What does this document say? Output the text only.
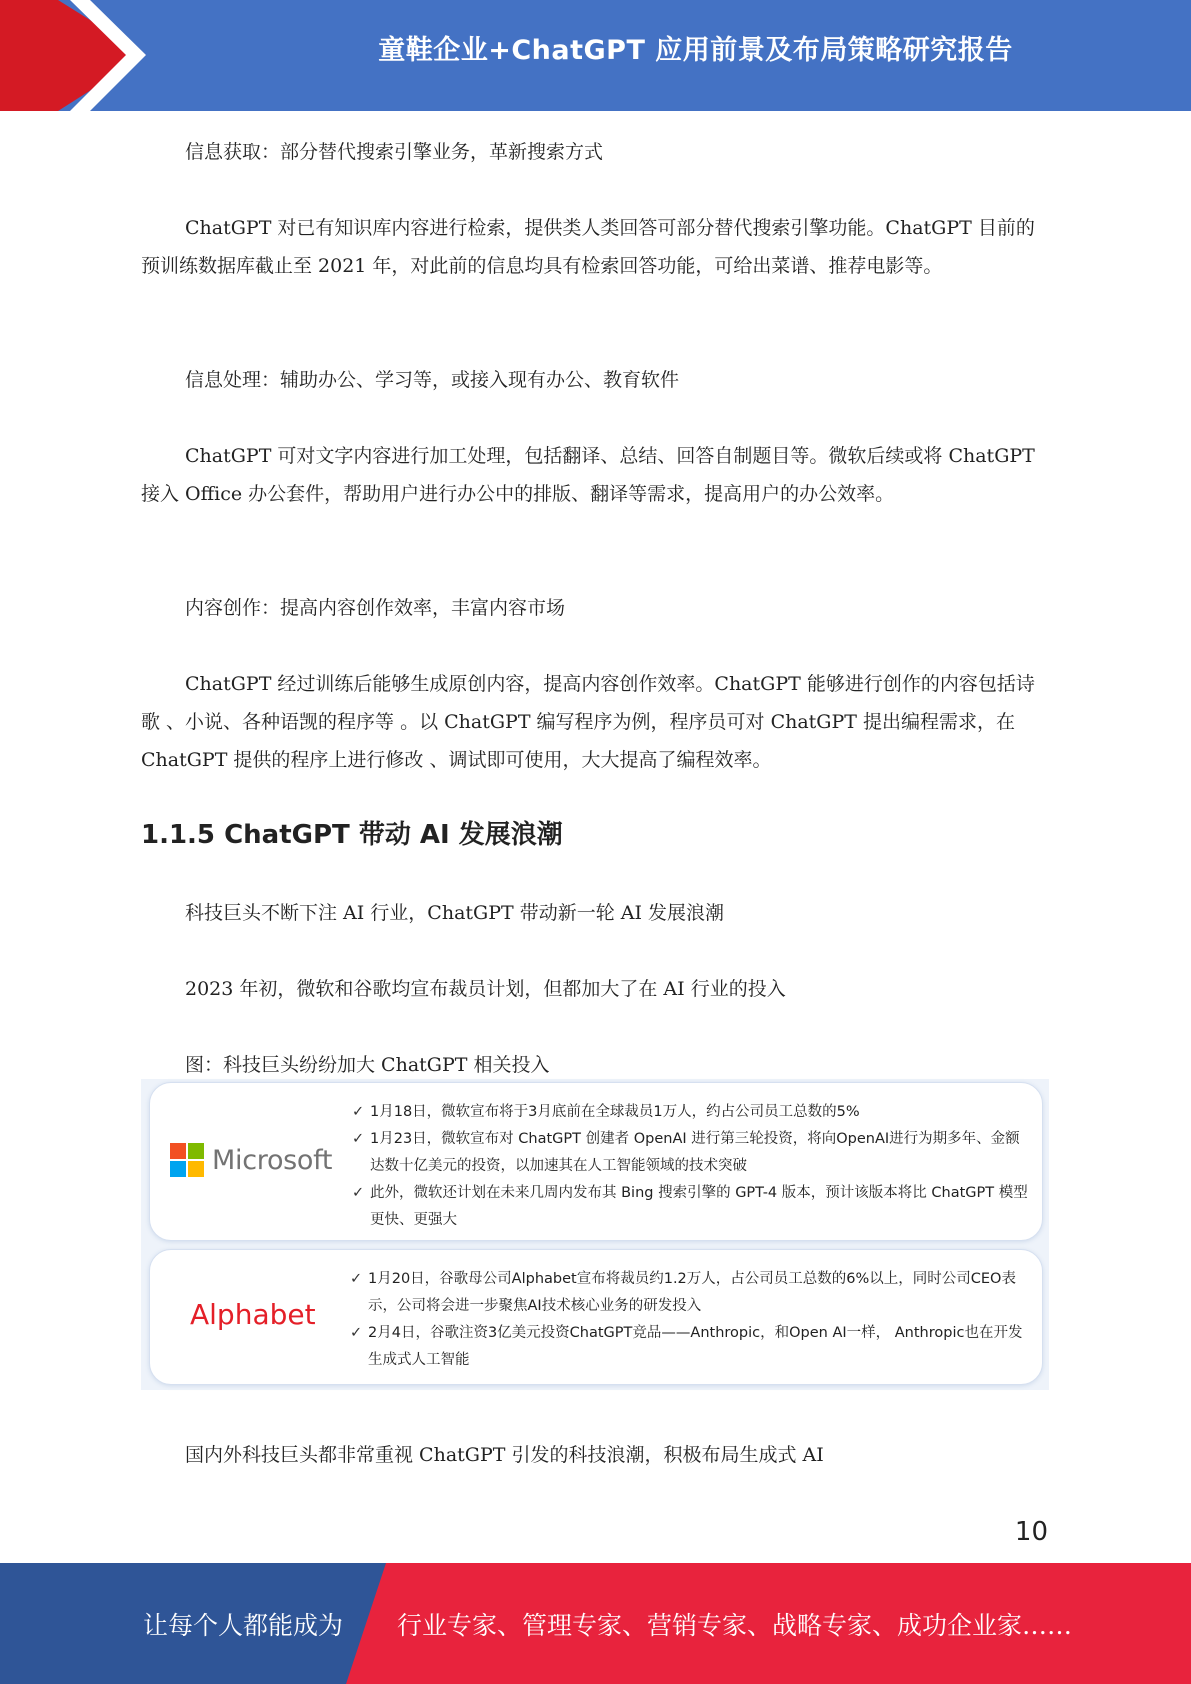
童鞋企业+ChatGPT 应用前景及布局策略研究报告

信息获取：部分替代搜索引擎业务，革新搜索方式

ChatGPT 对已有知识库内容进行检索，提供类人类回答可部分替代搜索引擎功能。ChatGPT 目前的预训练数据库截止至 2021 年，对此前的信息均具有检索回答功能，可给出菜谱、推荐电影等。

信息处理：辅助办公、学习等，或接入现有办公、教育软件

ChatGPT 可对文字内容进行加工处理，包括翻译、总结、回答自制题目等。微软后续或将 ChatGPT 接入 Office 办公套件，帮助用户进行办公中的排版、翻译等需求，提高用户的办公效率。

内容创作：提高内容创作效率，丰富内容市场

ChatGPT 经过训练后能够生成原创内容，提高内容创作效率。ChatGPT 能够进行创作的内容包括诗歌 、小说、各种语觊的程序等 。以 ChatGPT 编写程序为例，程序员可对 ChatGPT 提出编程需求，在 ChatGPT 提供的程序上进行修改 、调试即可使用，大大提高了编程效率。

1.1.5 ChatGPT 带动 AI 发展浪潮

科技巨头不断下注 AI 行业，ChatGPT 带动新一轮 AI 发展浪潮

2023 年初，微软和谷歌均宣布裁员计划，但都加大了在 AI 行业的投入

图：科技巨头纷纷加大 ChatGPT 相关投入

Microsoft
✓ 1月18日，微软宣布将于3月底前在全球裁员1万人，约占公司员工总数的5%
✓ 1月23日，微软宣布对 ChatGPT 创建者 OpenAI 进行第三轮投资，将向OpenAI进行为期多年、金额达数十亿美元的投资，以加速其在人工智能领域的技术突破
✓ 此外，微软还计划在未来几周内发布其 Bing 搜索引擎的 GPT-4 版本，预计该版本将比 ChatGPT 模型更快、更强大
Alphabet
✓ 1月20日，谷歌母公司Alphabet宣布将裁员约1.2万人，占公司员工总数的6%以上，同时公司CEO表示，公司将会进一步聚焦AI技术核心业务的研发投入
✓ 2月4日，谷歌注资3亿美元投资ChatGPT竞品——Anthropic，和Open AI一样， Anthropic也在开发生成式人工智能

国内外科技巨头都非常重视 ChatGPT 引发的科技浪潮，积极布局生成式 AI

10
让每个人都能成为 行业专家、管理专家、营销专家、战略专家、成功企业家……
